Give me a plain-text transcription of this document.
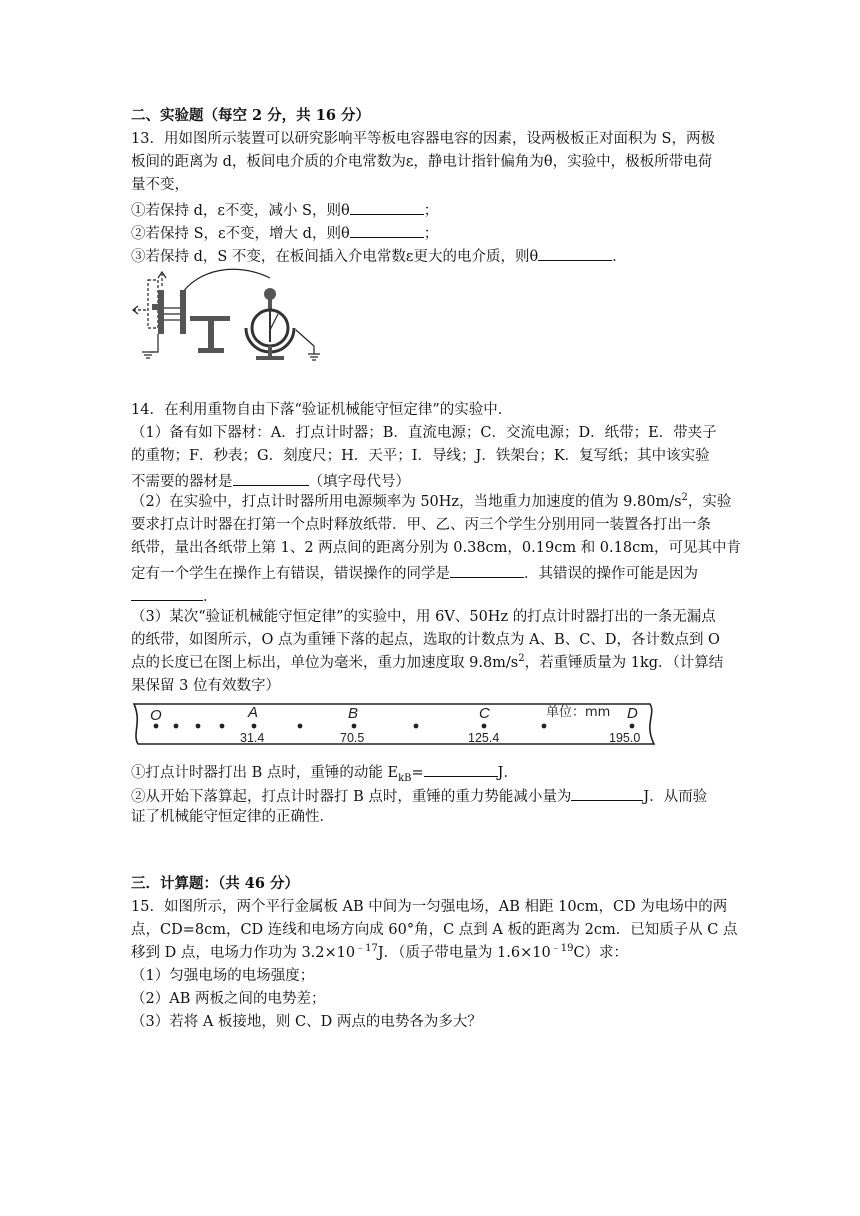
二、实验题（每空 2 分，共 16 分）
13．用如图所示装置可以研究影响平等板电容器电容的因素，设两极板正对面积为 S，两极
板间的距离为 d，板间电介质的介电常数为ε，静电计指针偏角为θ，实验中，极板所带电荷
量不变，
①若保持 d，ε不变，减小 S，则θ	；
②若保持 S，ε不变，增大 d，则θ	；
③若保持 d，S 不变，在板间插入介电常数ε更大的电介质，则θ	．
14．在利用重物自由下落“验证机械能守恒定律”的实验中．
（1）备有如下器材：A．打点计时器；B．直流电源；C．交流电源；D．纸带；E．带夹子
的重物；F．秒表；G．刻度尺；H．天平；I．导线；J．铁架台；K．复写纸；其中该实验
不需要的器材是	（填字母代号）
（2）在实验中，打点计时器所用电源频率为 50Hz，当地重力加速度的值为 $9.80m/s^2$，实验
要求打点计时器在打第一个点时释放纸带．甲、乙、丙三个学生分别用同一装置各打出一条
纸带，量出各纸带上第 1、2 两点间的距离分别为 0.38cm，0.19cm 和 0.18cm，可见其中肯
定有一个学生在操作上有错误，错误操作的同学是	．其错误的操作可能是因为
．
（3）某次“验证机械能守恒定律”的实验中，用 6V、50Hz 的打点计时器打出的一条无漏点
的纸带，如图所示，O 点为重锤下落的起点，选取的计数点为 A、B、C、D，各计数点到 O
点的长度已在图上标出，单位为毫米，重力加速度取 $9.8m/s^2$，若重锤质量为 1kg．（计算结
果保留 3 位有效数字）
O	A	B	C	D
单位：mm
31.4	70.5	125.4	195.0
①打点计时器打出 B 点时，重锤的动能 $E_{kB}=$	J．
②从开始下落算起，打点计时器打 B 点时，重锤的重力势能减小量为	J．从而验
证了机械能守恒定律的正确性．
三．计算题：（共 46 分）
15．如图所示，两个平行金属板 AB 中间为一匀强电场，AB 相距 10cm，CD 为电场中的两
点，CD=8cm，CD 连线和电场方向成 60°角，C 点到 A 板的距离为 2cm．已知质子从 C 点
移到 D 点，电场力作功为 $3.2\times 10^{﹣17}J$．（质子带电量为 $1.6\times 10^{﹣19}C$）求：
（1）匀强电场的电场强度；
（2）AB 两板之间的电势差；
（3）若将 A 板接地，则 C、D 两点的电势各为多大？
